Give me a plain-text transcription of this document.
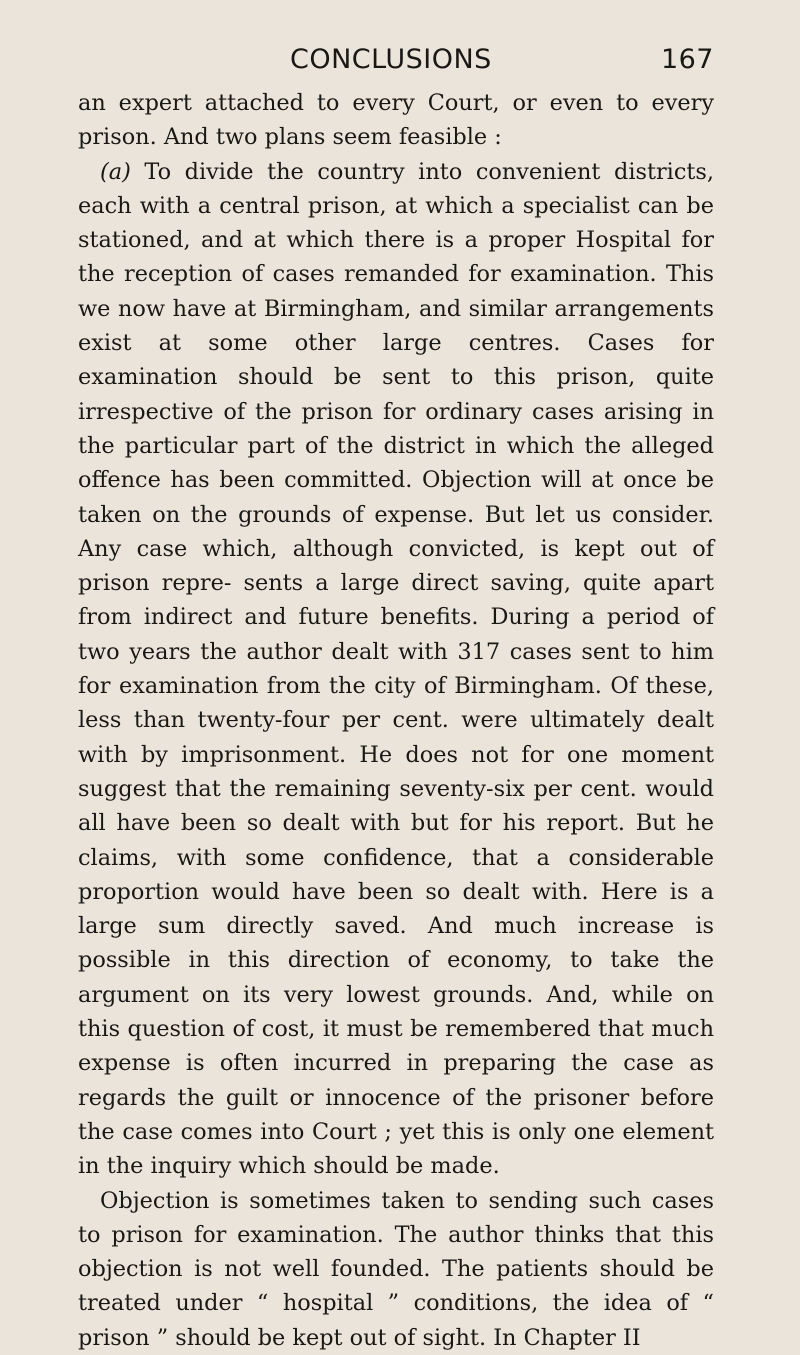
CONCLUSIONS	167

an expert attached to every Court, or even to every prison. And two plans seem feasible :

(a) To divide the country into convenient districts, each with a central prison, at which a specialist can be stationed, and at which there is a proper Hospital for the reception of cases remanded for examination. This we now have at Birmingham, and similar arrangements exist at some other large centres. Cases for examination should be sent to this prison, quite irrespective of the prison for ordinary cases arising in the particular part of the district in which the alleged offence has been committed. Objection will at once be taken on the grounds of expense. But let us consider. Any case which, although convicted, is kept out of prison repre- sents a large direct saving, quite apart from indirect and future benefits. During a period of two years the author dealt with 317 cases sent to him for examination from the city of Birmingham. Of these, less than twenty-four per cent. were ultimately dealt with by imprisonment. He does not for one moment suggest that the remaining seventy-six per cent. would all have been so dealt with but for his report. But he claims, with some confidence, that a considerable proportion would have been so dealt with. Here is a large sum directly saved. And much increase is possible in this direction of economy, to take the argument on its very lowest grounds. And, while on this question of cost, it must be remembered that much expense is often incurred in preparing the case as regards the guilt or innocence of the prisoner before the case comes into Court ; yet this is only one element in the inquiry which should be made.

Objection is sometimes taken to sending such cases to prison for examination. The author thinks that this objection is not well founded. The patients should be treated under “ hospital ” conditions, the idea of “ prison ” should be kept out of sight. In Chapter II
